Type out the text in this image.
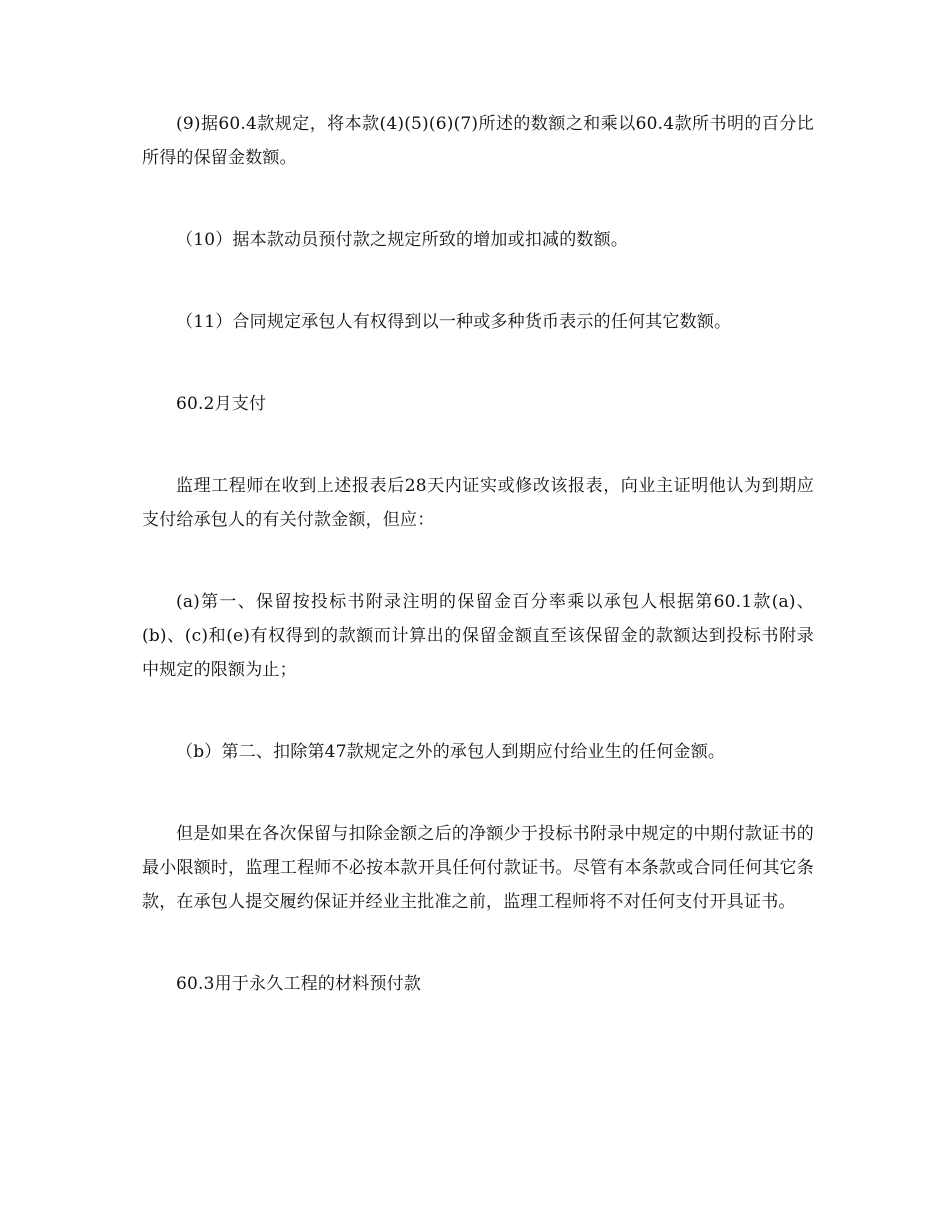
(9)据60.4款规定，将本款(4)(5)(6)(7)所述的数额之和乘以60.4款所书明的百分比所得的保留金数额。

（10）据本款动员预付款之规定所致的增加或扣减的数额。

（11）合同规定承包人有权得到以一种或多种货币表示的任何其它数额。

60.2月支付

监理工程师在收到上述报表后28天内证实或修改该报表，向业主证明他认为到期应支付给承包人的有关付款金额，但应：

(a)第一、保留按投标书附录注明的保留金百分率乘以承包人根据第60.1款(a)、(b)、(c)和(e)有权得到的款额而计算出的保留金额直至该保留金的款额达到投标书附录中规定的限额为止；

（b）第二、扣除第47款规定之外的承包人到期应付给业生的任何金额。

但是如果在各次保留与扣除金额之后的净额少于投标书附录中规定的中期付款证书的最小限额时，监理工程师不必按本款开具任何付款证书。尽管有本条款或合同任何其它条款，在承包人提交履约保证并经业主批准之前，监理工程师将不对任何支付开具证书。

60.3用于永久工程的材料预付款
